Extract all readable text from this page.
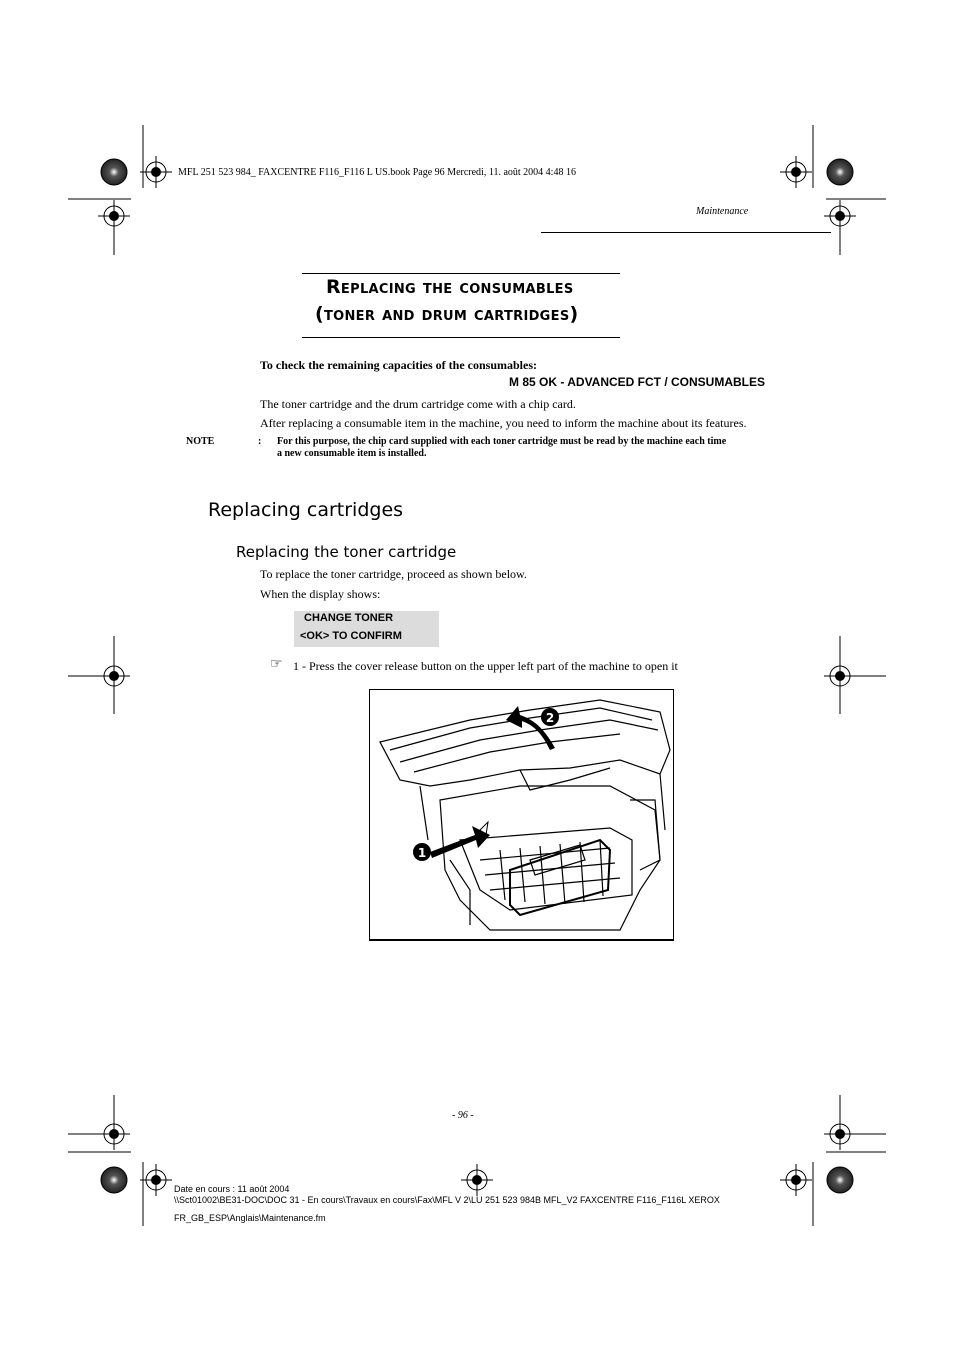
MFL 251 523 984_ FAXCENTRE F116_F116 L US.book Page 96 Mercredi, 11. août 2004 4:48 16
Maintenance
Replacing the consumables
(toner and drum cartridges)
To check the remaining capacities of the consumables:
M 85 OK - ADVANCED FCT / CONSUMABLES
The toner cartridge and the drum cartridge come with a chip card.
After replacing a consumable item in the machine, you need to inform the machine about its features.
NOTE	: For this purpose, the chip card supplied with each toner cartridge must be read by the machine each time
a new consumable item is installed.
Replacing cartridges
Replacing the toner cartridge
To replace the toner cartridge, proceed as shown below.
When the display shows:
CHANGE TONER
<OK> TO CONFIRM
☞ 1 - Press the cover release button on the upper left part of the machine to open it
1
2
- 96 -
Date en cours : 11 août 2004
\\Sct01002\BE31-DOC\DOC 31 - En cours\Travaux en cours\Fax\MFL V 2\LU 251 523 984B MFL_V2 FAXCENTRE F116_F116L XEROX
FR_GB_ESP\Anglais\Maintenance.fm
